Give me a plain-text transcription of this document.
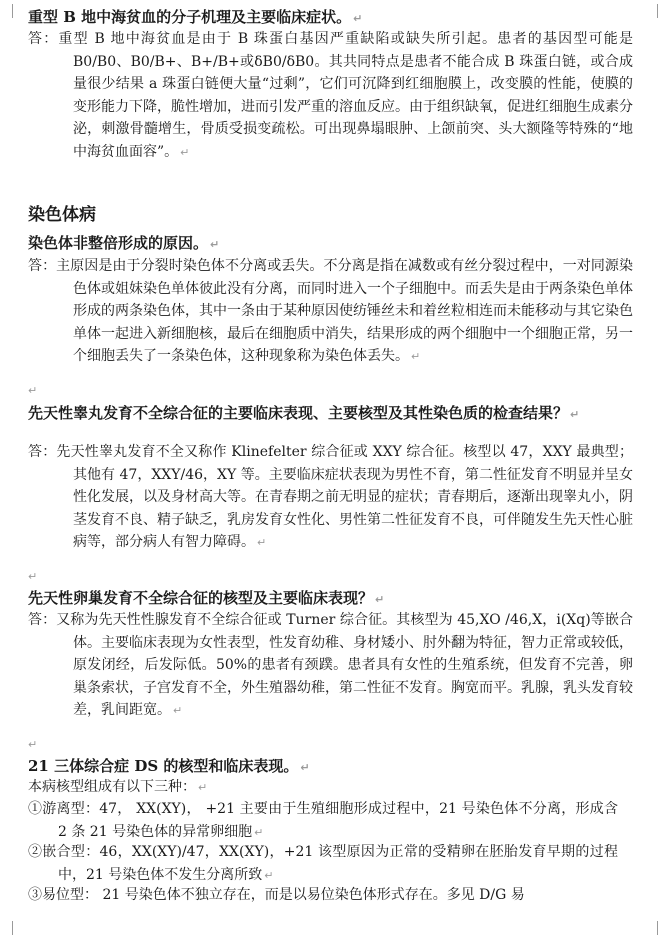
重型 B 地中海贫血的分子机理及主要临床症状。 ↵
答：重型 B 地中海贫血是由于 B 珠蛋白基因严重缺陷或缺失所引起。患者的基因型可能是 B0/B0、B0/B+、B+/B+或δB0/δB0。其共同特点是患者不能合成 B 珠蛋白链，或合成量很少结果 a 珠蛋白链便大量“过剩”，它们可沉降到红细胞膜上，改变膜的性能，使膜的变形能力下降，脆性增加，进而引发严重的溶血反应。由于组织缺氧，促进红细胞生成素分泌，刺激骨髓增生，骨质受损变疏松。可出现鼻塌眼肿、上颌前突、头大额隆等特殊的“地中海贫血面容”。 ↵
染色体病
染色体非整倍形成的原因。 ↵
答：主原因是由于分裂时染色体不分离或丢失。不分离是指在减数或有丝分裂过程中，一对同源染色体或姐妹染色单体彼此没有分离，而同时进入一个子细胞中。而丢失是由于两条染色单体形成的两条染色体，其中一条由于某种原因使纺锤丝未和着丝粒相连而未能移动与其它染色单体一起进入新细胞核，最后在细胞质中消失，结果形成的两个细胞中一个细胞正常，另一个细胞丢失了一条染色体，这种现象称为染色体丢失。 ↵
↵
先天性睾丸发育不全综合征的主要临床表现、主要核型及其性染色质的检查结果？ ↵
答：先天性睾丸发育不全又称作 Klinefelter 综合征或 XXY 综合征。核型以 47，XXY 最典型；其他有 47，XXY/46，XY 等。主要临床症状表现为男性不育，第二性征发育不明显并呈女性化发展，以及身材高大等。在青春期之前无明显的症状；青春期后，逐渐出现睾丸小，阴茎发育不良、精子缺乏，乳房发育女性化、男性第二性征发育不良，可伴随发生先天性心脏病等，部分病人有智力障碍。 ↵
↵
先天性卵巢发育不全综合征的核型及主要临床表现？ ↵
答：又称为先天性性腺发育不全综合征或 Turner 综合征。其核型为 45,XO /46,X，i(Xq)等嵌合体。主要临床表现为女性表型，性发育幼稚、身材矮小、肘外翻为特征，智力正常或较低，原发闭经，后发际低。50%的患者有颈蹼。患者具有女性的生殖系统，但发育不完善，卵巢条索状，子宫发育不全，外生殖器幼稚，第二性征不发育。胸宽而平。乳腺，乳头发育较差，乳间距宽。 ↵
↵
21 三体综合症 DS 的核型和临床表现。 ↵
本病核型组成有以下三种： ↵
①游离型：47， XX(XY)， +21 主要由于生殖细胞形成过程中，21 号染色体不分离，形成含 2 条 21 号染色体的异常卵细胞 ↵
②嵌合型：46，XX(XY)/47，XX(XY)，+21 该型原因为正常的受精卵在胚胎发育早期的过程中，21 号染色体不发生分离所致 ↵
③易位型： 21 号染色体不独立存在，而是以易位染色体形式存在。多见 D/G 易
